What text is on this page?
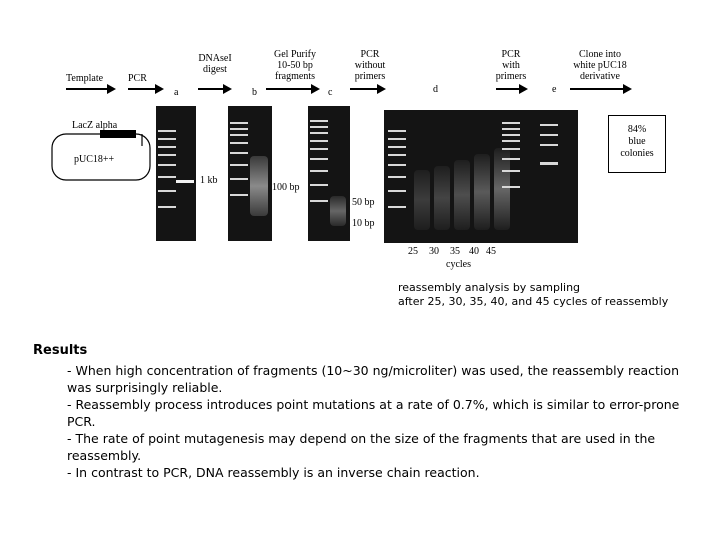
Template PCR
DNAseI
digest
Gel Purify
10-50 bp
fragments
PCR
without
primers
PCR
with
primers
Clone into
white pUC18
derivative
a	b	c	d	e
LacZ alpha
pUC18++
1 kb
100 bp
50 bp
10 bp
25 30 35 40 45
cycles
84%
blue
colonies
reassembly analysis by sampling
after 25, 30, 35, 40, and 45 cycles of reassembly
Results

- When high concentration of fragments (10~30 ng/microliter) was used, the reassembly reaction was surprisingly reliable.

- Reassembly process introduces point mutations at a rate of 0.7%, which is similar to error-prone PCR.

- The rate of point mutagenesis may depend on the size of the fragments that are used in the reassembly.

- In contrast to PCR, DNA reassembly is an inverse chain reaction.
